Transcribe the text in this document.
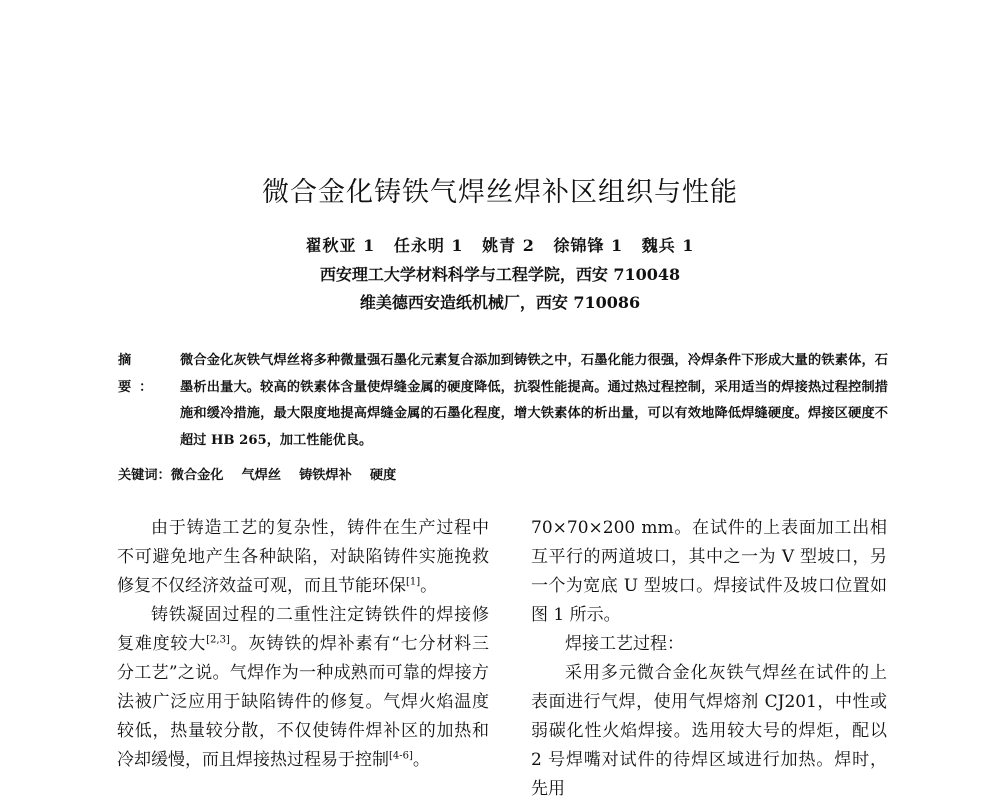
微合金化铸铁气焊丝焊补区组织与性能
翟秋亚 1 任永明 1 姚青 2 徐锦锋 1 魏兵 1
西安理工大学材料科学与工程学院，西安 710048
维美德西安造纸机械厂，西安 710086
摘 要：
微合金化灰铁气焊丝将多种微量强石墨化元素复合添加到铸铁之中，石墨化能力很强，冷焊条件下形成大量的铁素体，石墨析出量大。较高的铁素体含量使焊缝金属的硬度降低，抗裂性能提高。通过热过程控制，采用适当的焊接热过程控制措施和缓冷措施，最大限度地提高焊缝金属的石墨化程度，增大铁素体的析出量，可以有效地降低焊缝硬度。焊接区硬度不超过 HB 265，加工性能优良。
关键词：微合金化 气焊丝 铸铁焊补 硬度

由于铸造工艺的复杂性，铸件在生产过程中不可避免地产生各种缺陷，对缺陷铸件实施挽救修复不仅经济效益可观，而且节能环保[1]。

铸铁凝固过程的二重性注定铸铁件的焊接修复难度较大[2,3]。灰铸铁的焊补素有“七分材料三分工艺”之说。气焊作为一种成熟而可靠的焊接方法被广泛应用于缺陷铸件的修复。气焊火焰温度较低，热量较分散，不仅使铸件焊补区的加热和冷却缓慢，而且焊接热过程易于控制[4-6]。

70×70×200 mm。在试件的上表面加工出相互平行的两道坡口，其中之一为 V 型坡口，另一个为宽底 U 型坡口。焊接试件及坡口位置如图 1 所示。

焊接工艺过程：

采用多元微合金化灰铁气焊丝在试件的上表面进行气焊，使用气焊熔剂 CJ201，中性或弱碳化性火焰焊接。选用较大号的焊炬，配以 2 号焊嘴对试件的待焊区域进行加热。焊时，先用
